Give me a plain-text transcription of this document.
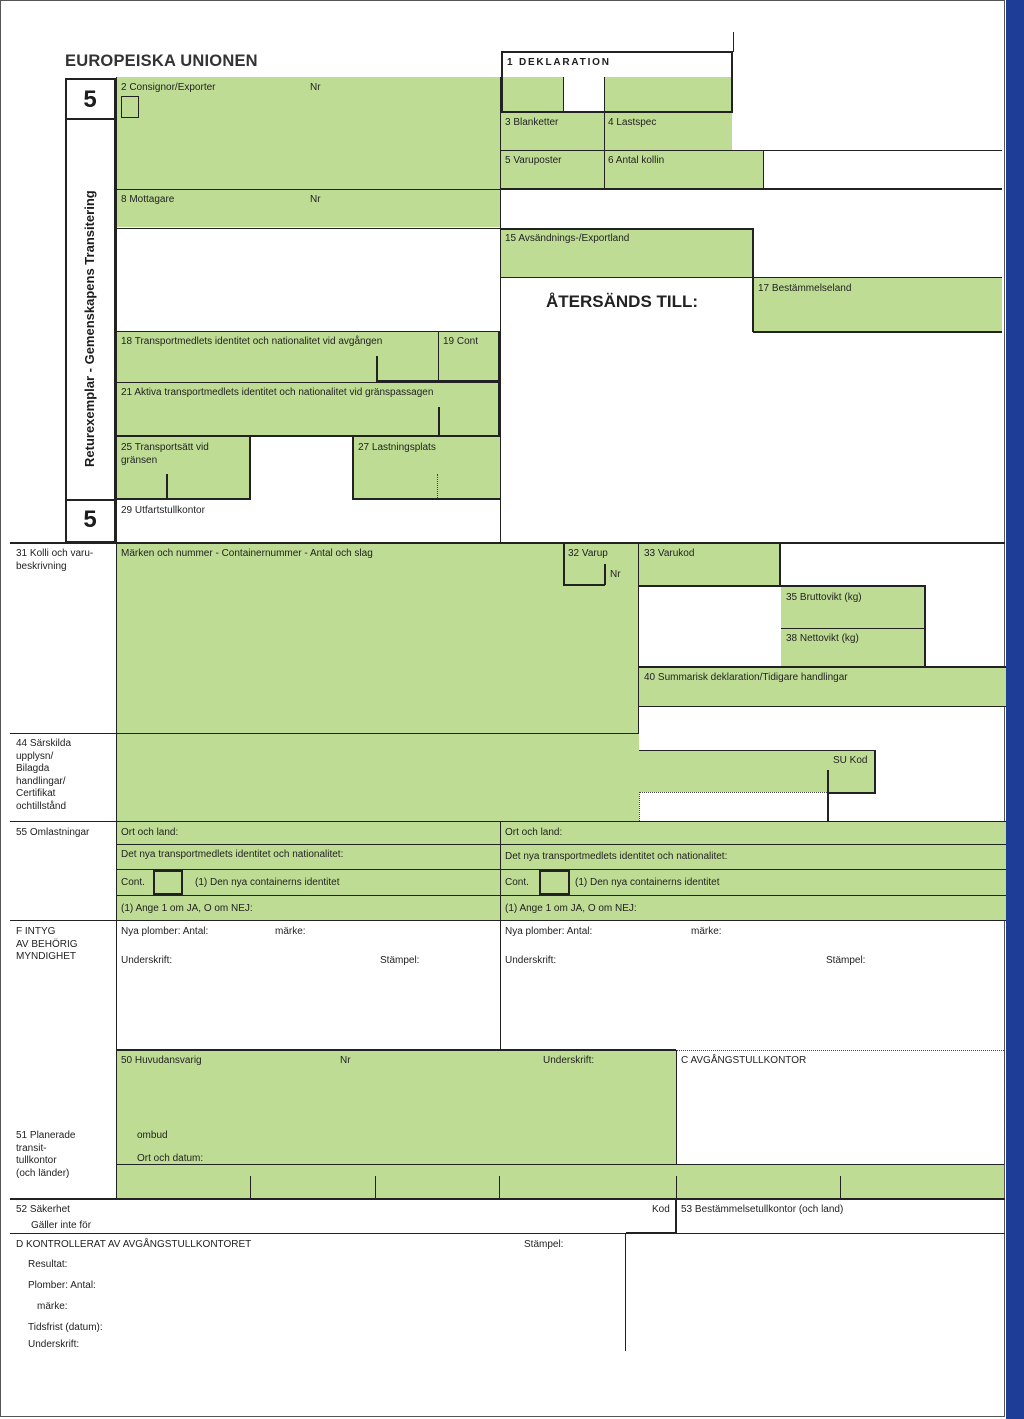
EUROPEISKA UNIONEN	1 DEKLARATION
5
5
Returexemplar - Gemenskapens Transitering	ÅTERSÄNDS TILL:
2 Consignor/Exporter	Nr
3 Blanketter	4 Lastspec
5 Varuposter	6 Antal kollin
8 Mottagare	Nr
15 Avsändnings-/Exportland
17 Bestämmelseland
18 Transportmedlets identitet och nationalitet vid avgången	19 Cont
21 Aktiva transportmedlets identitet och nationalitet vid gränspassagen
25 Transportsätt vid
gränsen
27 Lastningsplats
29 Utfartstullkontor
31 Kolli och varu-
beskrivning
Märken och nummer - Containernummer - Antal och slag	32 Varup
Nr
33 Varukod
35 Bruttovikt (kg)
38 Nettovikt (kg)
40 Summarisk deklaration/Tidigare handlingar
44 Särskilda
upplysn/
Bilagda
handlingar/
Certifikat
ochtillstånd
SU Kod
55 Omlastningar	Ort och land:	Ort och land:
Det nya transportmedlets identitet och nationalitet:	Det nya transportmedlets identitet och nationalitet:
Cont.	(1) Den nya containerns identitet	Cont.	(1) Den nya containerns identitet
(1) Ange 1 om JA, O om NEJ:	(1) Ange 1 om JA, O om NEJ:
F INTYG
AV BEHÖRIG
MYNDIGHET
Nya plomber: Antal:	märke:	Nya plomber: Antal:	märke:
Underskrift:	Stämpel:	Underskrift:	Stämpel:
50 Huvudansvarig	Nr	Underskrift:	C AVGÅNGSTULLKONTOR
ombud
Ort och datum:
51 Planerade
transit-
tullkontor
(och länder)
52 Säkerhet
Gäller inte för
Kod 53 Bestämmelsetullkontor (och land)
D KONTROLLERAT AV AVGÅNGSTULLKONTORET	Stämpel:
Resultat:
Plomber: Antal:
märke:
Tidsfrist (datum):
Underskrift:
